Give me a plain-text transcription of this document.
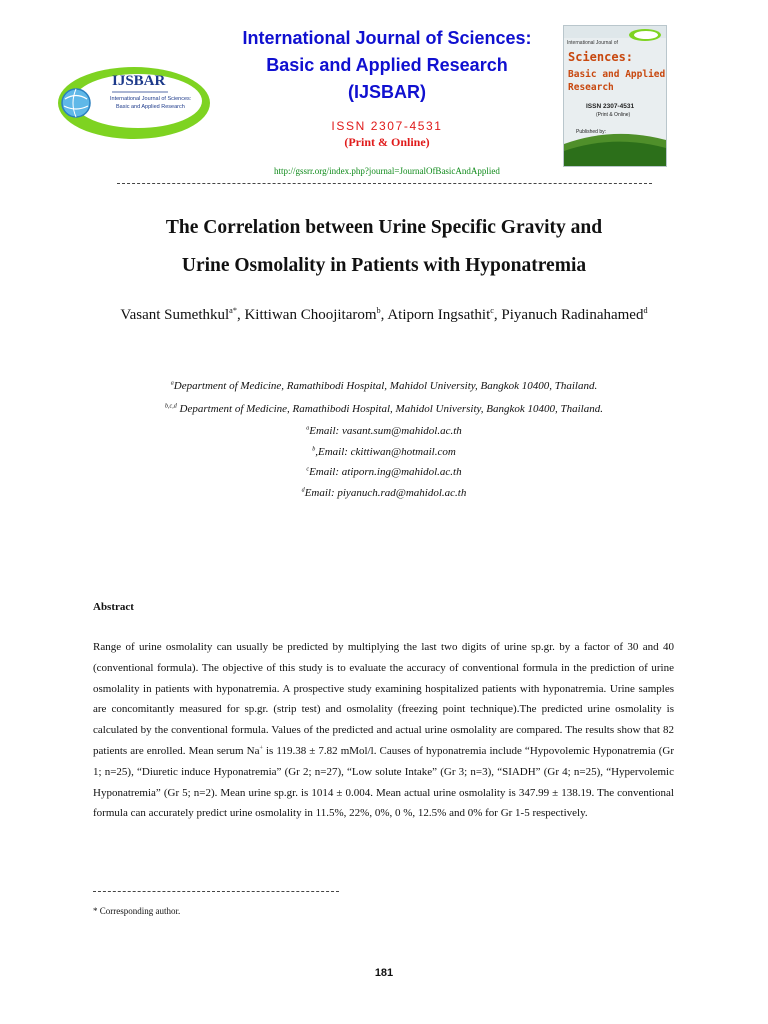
IJSBAR
International Journal of Sciences:
Basic and Applied Research
International Journal of Sciences:
Basic and Applied Research
(IJSBAR)
ISSN 2307-4531
(Print & Online)
http://gssrr.org/index.php?journal=JournalOfBasicAndApplied
International Journal of
Sciences:
Basic and Applied
Research
ISSN 2307-4531
(Print & Online)
Published by:
The Correlation between Urine Specific Gravity and
Urine Osmolality in Patients with Hyponatremia
Vasant Sumethkul$^{a*}$, Kittiwan Choojitarom$^b$, Atiporn Ingsathit$^c$, Piyanuch Radinahamed$^d$
$^a$Department of Medicine, Ramathibodi Hospital, Mahidol University, Bangkok 10400, Thailand.
$^{b,c,d}$ Department of Medicine, Ramathibodi Hospital, Mahidol University, Bangkok 10400, Thailand.
$^a$Email: vasant.sum@mahidol.ac.th
$^b$,Email: ckittiwan@hotmail.com
$^c$Email: atiporn.ing@mahidol.ac.th
$^d$Email: piyanuch.rad@mahidol.ac.th
Abstract
Range of urine osmolality can usually be predicted by multiplying the last two digits of urine sp.gr. by a factor of 30 and 40 (conventional formula). The objective of this study is to evaluate the accuracy of conventional formula in the prediction of urine osmolality in patients with hyponatremia. A prospective study examining hospitalized patients with hyponatremia. Urine samples are concomitantly measured for sp.gr. (strip test) and osmolality (freezing point technique).The predicted urine osmolality is calculated by the conventional formula. Values of the predicted and actual urine osmolality are compared. The results show that 82 patients are enrolled. Mean serum Na+ is 119.38 ± 7.82 mMol/l. Causes of hyponatremia include “Hypovolemic Hyponatremia (Gr 1; n=25), “Diuretic induce Hyponatremia” (Gr 2; n=27), “Low solute Intake” (Gr 3; n=3), “SIADH” (Gr 4; n=25), “Hypervolemic Hyponatremia” (Gr 5; n=2). Mean urine sp.gr. is 1014 ± 0.004. Mean actual urine osmolality is 347.99 ± 138.19. The conventional formula can accurately predict urine osmolality in 11.5%, 22%, 0%, 0 %, 12.5% and 0% for Gr 1-5 respectively.
* Corresponding author.
181
